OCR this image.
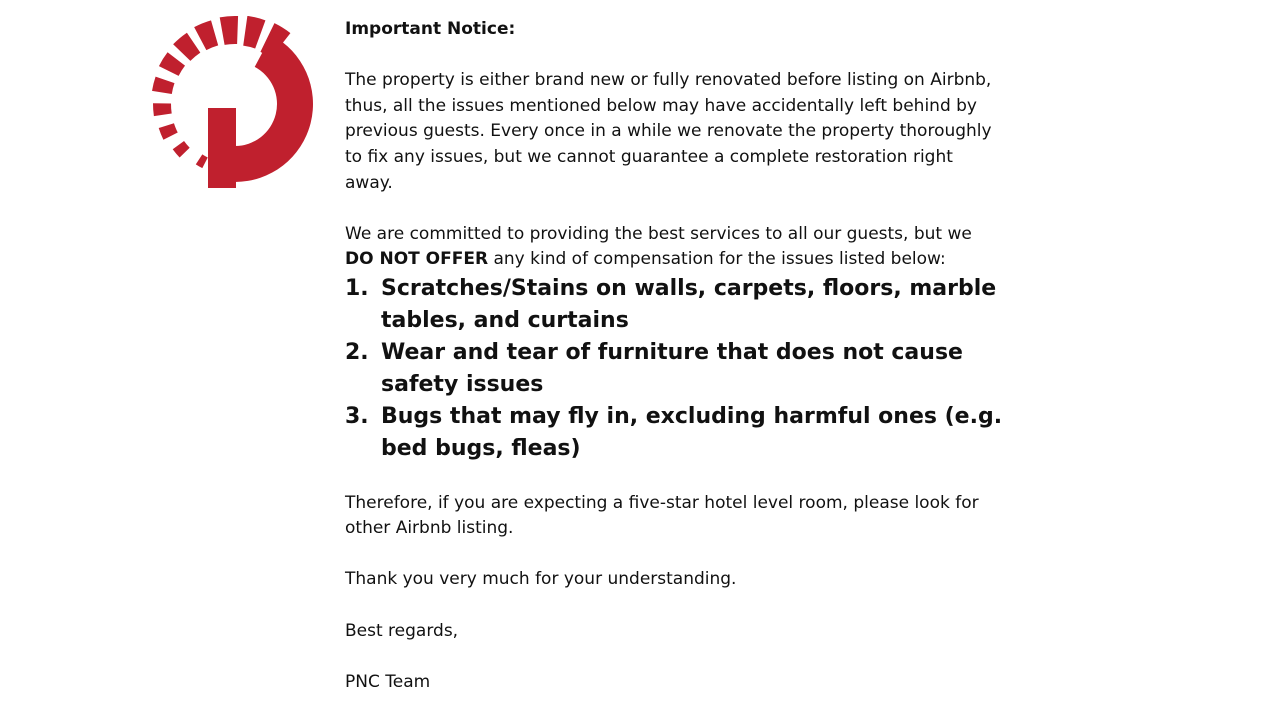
Important Notice:

The property is either brand new or fully renovated before listing on Airbnb, thus, all the issues mentioned below may have accidentally left behind by previous guests. Every once in a while we renovate the property thoroughly to fix any issues, but we cannot guarantee a complete restoration right away.

We are committed to providing the best services to all our guests, but we DO NOT OFFER any kind of compensation for the issues listed below:

1. Scratches/Stains on walls, carpets, floors, marble tables, and curtains
2. Wear and tear of furniture that does not cause safety issues
3. Bugs that may fly in, excluding harmful ones (e.g. bed bugs, fleas)

Therefore, if you are expecting a five-star hotel level room, please look for other Airbnb listing.

Thank you very much for your understanding.

Best regards,

PNC Team
